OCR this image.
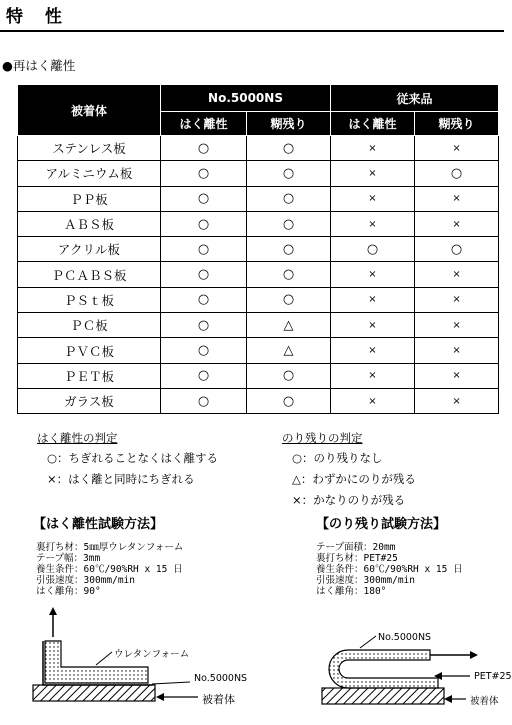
特 性
●再はく離性
被着体	No.5000NS		従来品	
	はく離性	糊残り	はく離性	糊残り
ステンレス板	○	○	×	×
アルミニウム板	○	○	×	○
ＰＰ板	○	○	×	×
ＡＢＳ板	○	○	×	×
アクリル板	○	○	○	○
ＰＣＡＢＳ板	○	○	×	×
ＰＳｔ板	○	○	×	×
ＰＣ板	○	△	×	×
ＰＶＣ板	○	△	×	×
ＰＥＴ板	○	○	×	×
ガラス板	○	○	×	×
はく離性の判定
○：ちぎれることなくはく離する
×：はく離と同時にちぎれる
のり残りの判定
○：のり残りなし
△：わずかにのりが残る
×：かなりのりが残る
【はく離性試験方法】	【のり残り試験方法】
裏打ち材：5㎜厚ウレタンフォーム
テープ幅：3mm
養生条件：60℃/90%RH x 15 日
引張速度：300mm/min
はく離角：90°
テープ面積：20mm
裏打ち材：PET#25
養生条件：60℃/90%RH x 15 日
引張速度：300mm/min
はく離角：180°
ウレタンフォーム
No.5000NS
被着体
No.5000NS
PET#25
被着体
